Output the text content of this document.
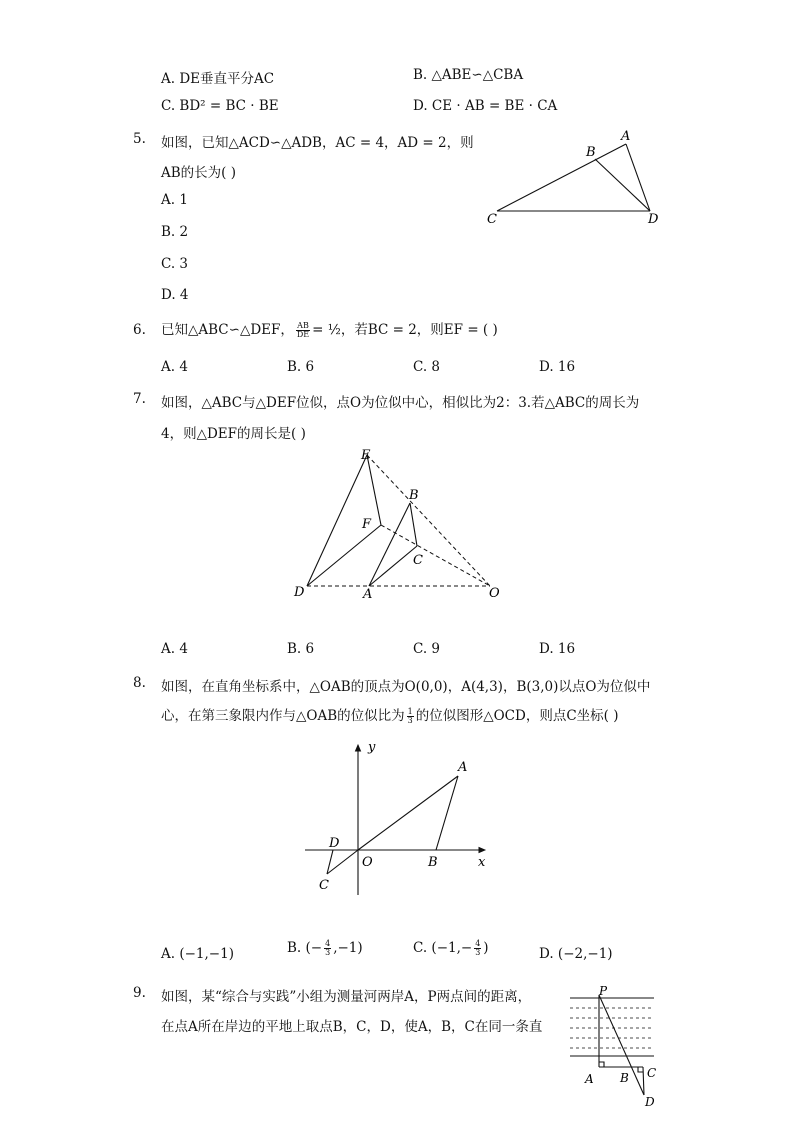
A. DE垂直平分AC	B. △ABE∽△CBA
C. BD² = BC · BE	D. CE · AB = BE · CA
5. 如图，已知△ACD∽△ADB，AC = 4，AD = 2，则
AB的长为( )
A. 1
B. 2
C. 3
D. 4
A
B
C	D
6. 已知△ABC∽△DEF， $\frac{AB}{DE}$ = ½，若BC = 2，则EF = ( )
A. 4	B. 6	C. 8	D. 16
7. 如图，△ABC与△DEF位似，点O为位似中心，相似比为2：3.若△ABC的周长为
4，则△DEF的周长是( )
E
B
F
C
D	A	O
A. 4	B. 6	C. 9	D. 16
8. 如图，在直角坐标系中，△OAB的顶点为O(0,0)，A(4,3)，B(3,0)以点O为位似中
心，在第三象限内作与△OAB的位似比为 $\frac{1}{3}$ 的位似图形△OCD，则点C坐标( )
y
x
A
B
O
D
C
A. (−1,−1)	B. (− $\frac{4}{3} ,-1$)	C. ($-1,- \frac{4}{3}$ )	D. (−2,−1)
9. 如图，某“综合与实践”小组为测量河两岸A，P两点间的距离，
在点A所在岸边的平地上取点B，C，D，使A，B，C在同一条直
P
A B C
D
